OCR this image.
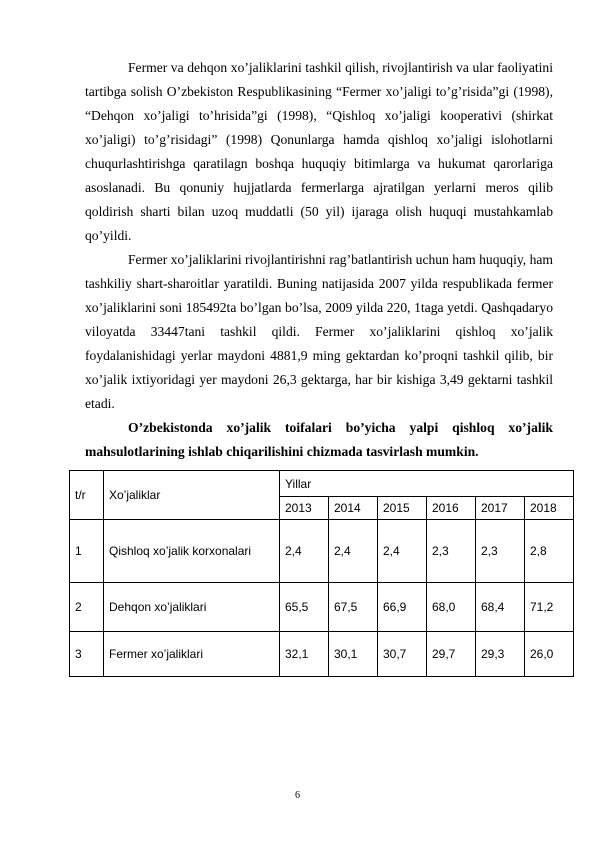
Fermer va dehqon xo’jaliklarini tashkil qilish, rivojlantirish va ular faoliyatini tartibga solish O’zbekiston Respublikasining “Fermer xo’jaligi to’g’risida”gi (1998), “Dehqon xo’jaligi to’hrisida”gi (1998), “Qishloq xo’jaligi kooperativi (shirkat xo’jaligi) to’g’risidagi” (1998) Qonunlarga hamda qishloq xo’jaligi islohotlarni chuqurlashtirishga qaratilagn boshqa huquqiy bitimlarga va hukumat qarorlariga asoslanadi. Bu qonuniy hujjatlarda fermerlarga ajratilgan yerlarni meros qilib qoldirish sharti bilan uzoq muddatli (50 yil) ijaraga olish huquqi mustahkamlab qo’yildi.

Fermer xo’jaliklarini rivojlantirishni rag’batlantirish uchun ham huquqiy, ham tashkiliy shart-sharoitlar yaratildi. Buning natijasida 2007 yilda respublikada fermer xo’jaliklarini soni 185492ta bo’lgan bo’lsa, 2009 yilda 220, 1taga yetdi. Qashqadaryo viloyatda 33447tani tashkil qildi. Fermer xo’jaliklarini qishloq xo’jalik foydalanishidagi yerlar maydoni 4881,9 ming gektardan ko’proqni tashkil qilib, bir xo’jalik ixtiyoridagi yer maydoni 26,3 gektarga, har bir kishiga 3,49 gektarni tashkil etadi.

O’zbekistonda xo’jalik toifalari bo’yicha yalpi qishloq xo’jalik mahsulotlarining ishlab chiqarilishini chizmada tasvirlash mumkin.

t/r	Xo’jaliklar	Yillar					
		2013	2014	2015	2016	2017	2018
1	Qishloq xo’jalik korxonalari	2,4	2,4	2,4	2,3	2,3	2,8
2	Dehqon xo’jaliklari	65,5	67,5	66,9	68,0	68,4	71,2
3	Fermer xo’jaliklari	32,1	30,1	30,7	29,7	29,3	26,0
6
